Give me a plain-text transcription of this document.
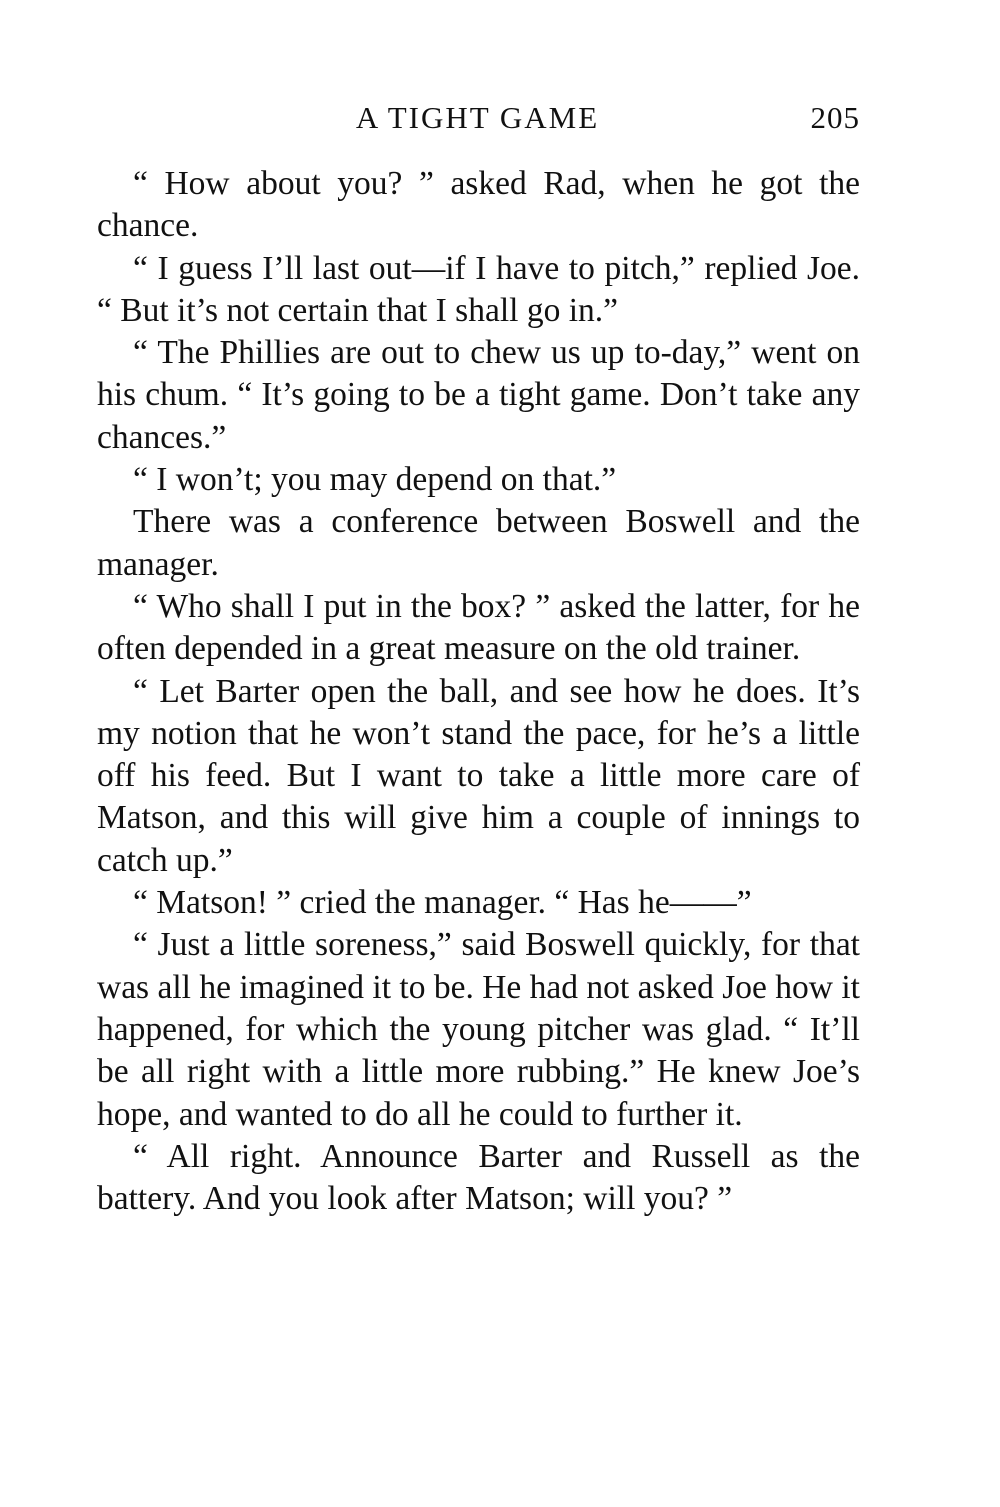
A TIGHT GAME	205

“ How about you? ” asked Rad, when he got the chance.

“ I guess I’ll last out—if I have to pitch,” replied Joe. “ But it’s not certain that I shall go in.”

“ The Phillies are out to chew us up to-day,” went on his chum. “ It’s going to be a tight game. Don’t take any chances.”

“ I won’t; you may depend on that.”

There was a conference between Boswell and the manager.

“ Who shall I put in the box? ” asked the latter, for he often depended in a great measure on the old trainer.

“ Let Barter open the ball, and see how he does. It’s my notion that he won’t stand the pace, for he’s a little off his feed. But I want to take a little more care of Matson, and this will give him a couple of innings to catch up.”

“ Matson! ” cried the manager. “ Has he——”

“ Just a little soreness,” said Boswell quickly, for that was all he imagined it to be. He had not asked Joe how it happened, for which the young pitcher was glad. “ It’ll be all right with a little more rubbing.” He knew Joe’s hope, and wanted to do all he could to further it.

“ All right. Announce Barter and Russell as the battery. And you look after Matson; will you? ”
